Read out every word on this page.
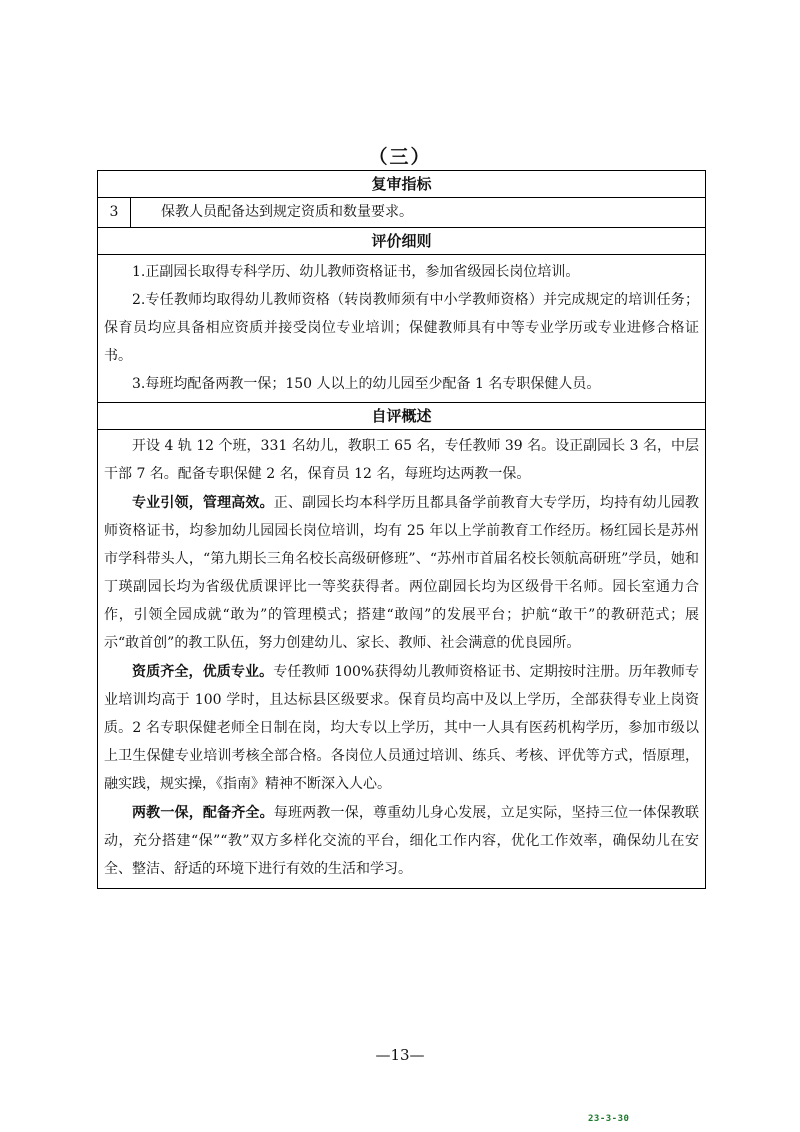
（三）
复审指标
3	保教人员配备达到规定资质和数量要求。
评价细则

1.正副园长取得专科学历、幼儿教师资格证书，参加省级园长岗位培训。

2.专任教师均取得幼儿教师资格（转岗教师须有中小学教师资格）并完成规定的培训任务；保育员均应具备相应资质并接受岗位专业培训；保健教师具有中等专业学历或专业进修合格证书。

3.每班均配备两教一保；150 人以上的幼儿园至少配备 1 名专职保健人员。

自评概述

开设 4 轨 12 个班，331 名幼儿，教职工 65 名，专任教师 39 名。设正副园长 3 名，中层干部 7 名。配备专职保健 2 名，保育员 12 名，每班均达两教一保。

专业引领，管理高效。正、副园长均本科学历且都具备学前教育大专学历，均持有幼儿园教师资格证书，均参加幼儿园园长岗位培训，均有 25 年以上学前教育工作经历。杨红园长是苏州市学科带头人，“第九期长三角名校长高级研修班”、“苏州市首届名校长领航高研班”学员，她和丁瑛副园长均为省级优质课评比一等奖获得者。两位副园长均为区级骨干名师。园长室通力合作，引领全园成就“敢为”的管理模式；搭建“敢闯”的发展平台；护航“敢干”的教研范式；展示“敢首创”的教工队伍，努力创建幼儿、家长、教师、社会满意的优良园所。

资质齐全，优质专业。专任教师 100%获得幼儿教师资格证书、定期按时注册。历年教师专业培训均高于 100 学时，且达标县区级要求。保育员均高中及以上学历，全部获得专业上岗资质。2 名专职保健老师全日制在岗，均大专以上学历，其中一人具有医药机构学历，参加市级以上卫生保健专业培训考核全部合格。各岗位人员通过培训、练兵、考核、评优等方式，悟原理，融实践，规实操，《指南》精神不断深入人心。

两教一保，配备齐全。每班两教一保，尊重幼儿身心发展，立足实际，坚持三位一体保教联动，充分搭建“保”“教”双方多样化交流的平台，细化工作内容，优化工作效率，确保幼儿在安全、整洁、舒适的环境下进行有效的生活和学习。

—13—
23-3-30
